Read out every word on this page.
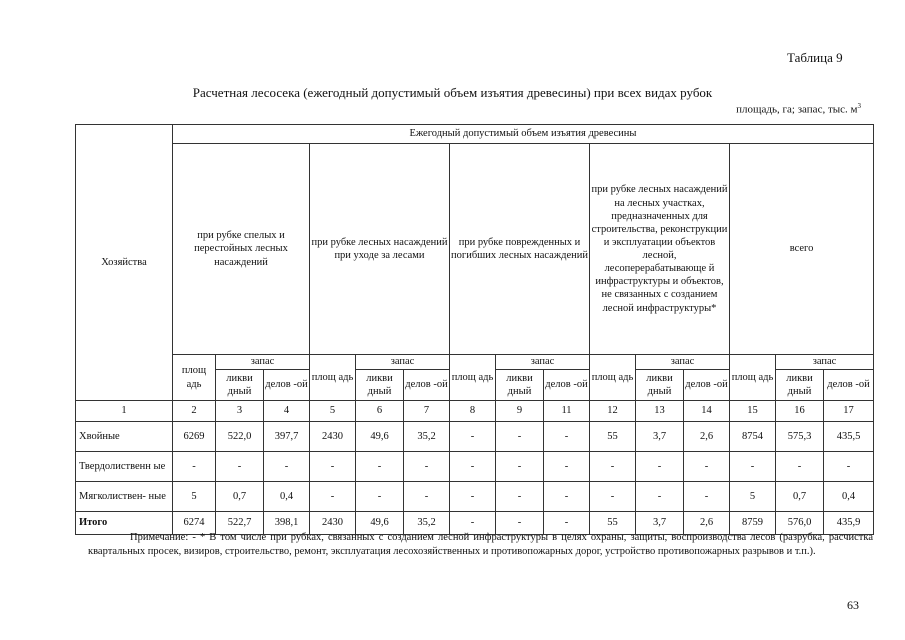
Таблица 9
Расчетная лесосека (ежегодный допустимый объем изъятия древесины) при всех видах рубок
площадь, га; запас, тыс. $м^3$
Хозяйства	Ежегодный допустимый объем изъятия древесины														
	при рубке спелых и перестойных лесных насаждений			при рубке лесных насаждений при уходе за лесами			при рубке поврежденных и погибших лесных насаждений			при рубке лесных насаждений на лесных участках, предназначенных для строительства, реконструкции и эксплуатации объектов лесной, лесоперерабатывающе й инфраструктуры и объектов, не связанных с созданием лесной инфраструктуры*			всего		
	площ адь	запас		площ адь	запас		площ адь	запас		площ адь	запас		площ адь	запас	
		ликви дный	делов -ой		ликви дный	делов -ой		ликви дный	делов -ой		ликви дный	делов -ой		ликви дный	делов -ой
1	2	3	4	5	6	7	8	9	11	12	13	14	15	16	17
Хвойные	6269	522,0	397,7	2430	49,6	35,2	-	-	-	55	3,7	2,6	8754	575,3	435,5
Твердолиственн ые	-	-	-	-	-	-	-	-	-	-	-	-	-	-	-
Мягколиствен- ные	5	0,7	0,4	-	-	-	-	-	-	-	-	-	5	0,7	0,4
Итого	6274	522,7	398,1	2430	49,6	35,2	-	-	-	55	3,7	2,6	8759	576,0	435,9
Примечание: - * В том числе при рубках, связанных с созданием лесной инфраструктуры в целях охраны, защиты, воспроизводства лесов (разрубка, расчистка квартальных просек, визиров, строительство, ремонт, эксплуатация лесохозяйственных и противопожарных дорог, устройство противопожарных разрывов и т.п.).
63
